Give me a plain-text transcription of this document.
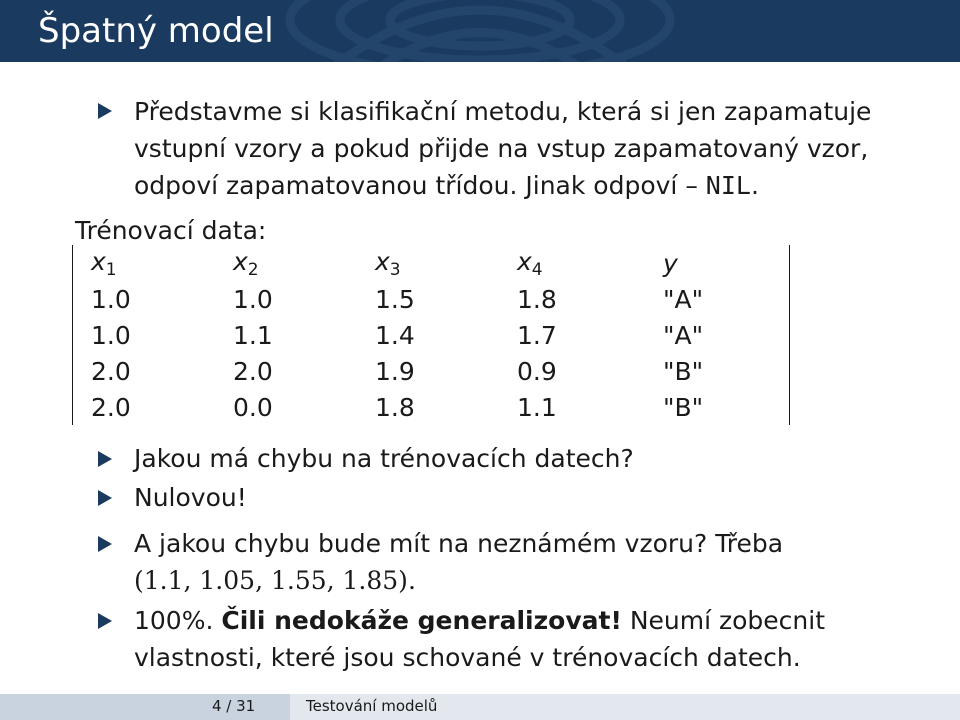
Špatný model
Představme si klasifikační metodu, která si jen zapamatuje
vstupní vzory a pokud přijde na vstup zapamatovaný vzor,
odpoví zapamatovanou třídou. Jinak odpoví – NIL.
Trénovací data:
$x_1$	$x_2$	$x_3$	$x_4$	y
1.0	1.0	1.5	1.8	"A"
1.0	1.1	1.4	1.7	"A"
2.0	2.0	1.9	0.9	"B"
2.0	0.0	1.8	1.1	"B"
Jakou má chybu na trénovacích datech?
Nulovou!
A jakou chybu bude mít na neznámém vzoru? Třeba
(1.1, 1.05, 1.55, 1.85).
100%. Čili nedokáže generalizovat! Neumí zobecnit
vlastnosti, které jsou schované v trénovacích datech.
4 / 31	Testování modelů
